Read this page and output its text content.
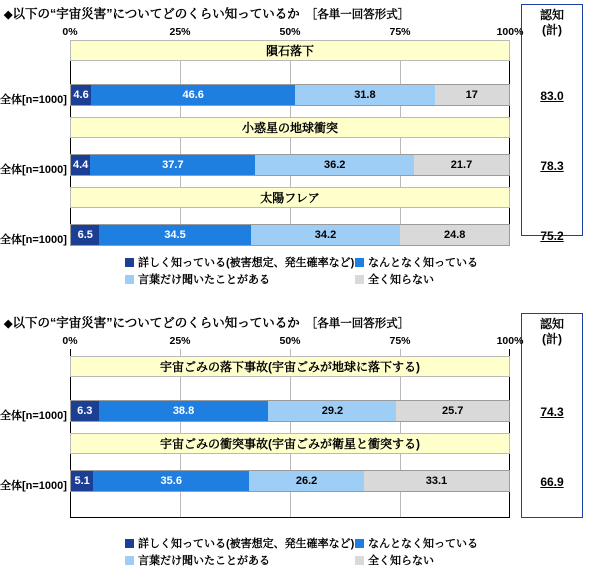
◆以下の“宇宙災害”についてどのくらい知っているか ［各単一回答形式］	認知
(計)
0%	25%	50%	75%	100%
隕石落下
全体[n=1000] 4.6	46.6	31.8	17	83.0
小惑星の地球衝突
全体[n=1000] 4.4	37.7	36.2	21.7	78.3
太陽フレア
全体[n=1000] 6.5	34.5	34.2	24.8	75.2
詳しく知っている(被害想定、発生確率など) なんとなく知っている
言葉だけ聞いたことがある	全く知らない
◆以下の“宇宙災害”についてどのくらい知っているか ［各単一回答形式］	認知
(計)
0%	25%	50%	75%	100%
宇宙ごみの落下事故(宇宙ごみが地球に落下する)
全体[n=1000] 6.3	38.8	29.2	25.7	74.3
宇宙ごみの衝突事故(宇宙ごみが衛星と衝突する)
全体[n=1000] 5.1	35.6	26.2	33.1	66.9
詳しく知っている(被害想定、発生確率など) なんとなく知っている
言葉だけ聞いたことがある	全く知らない
